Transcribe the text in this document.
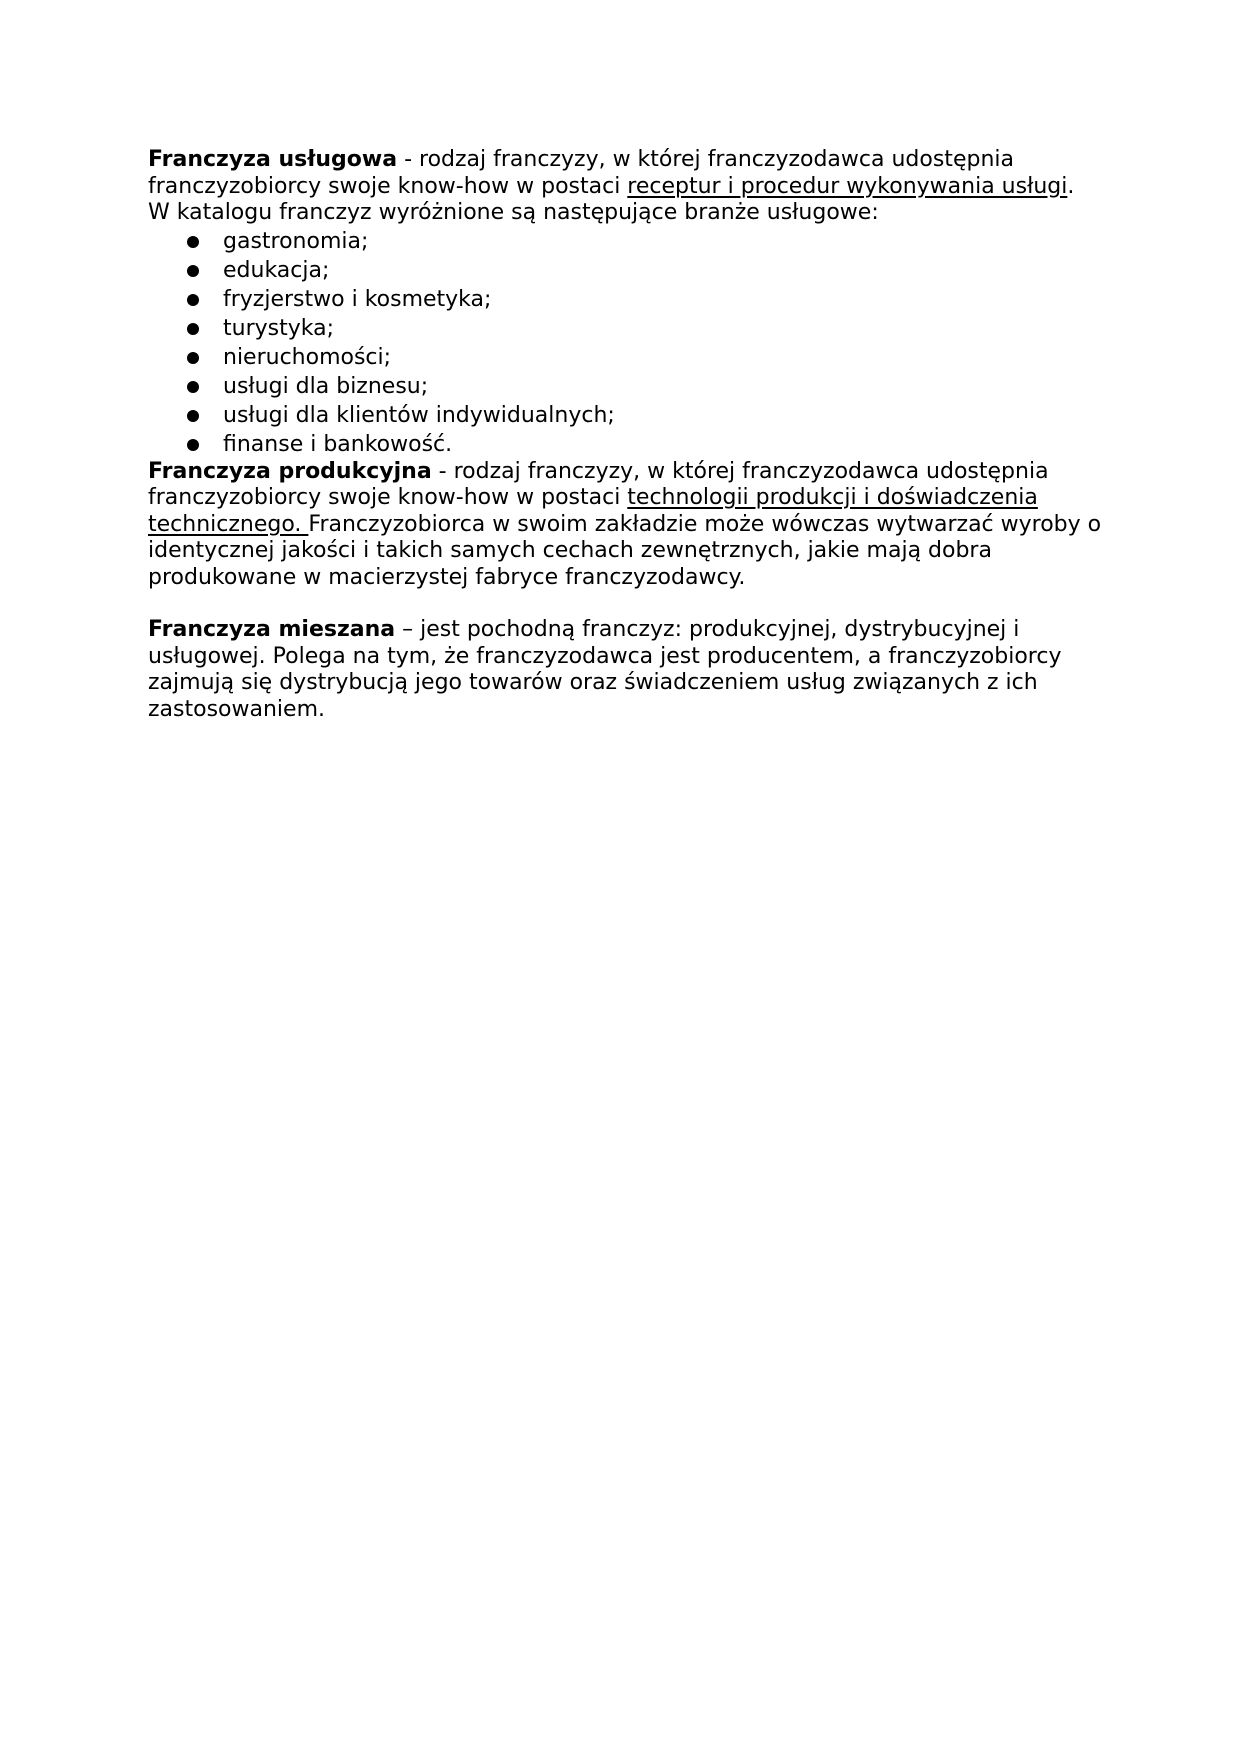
Franczyza usługowa - rodzaj franczyzy, w której franczyzodawca udostępnia franczyzobiorcy swoje know-how w postaci receptur i procedur wykonywania usługi.

W katalogu franczyz wyróżnione są następujące branże usługowe:

gastronomia;
edukacja;
fryzjerstwo i kosmetyka;
turystyka;
nieruchomości;
usługi dla biznesu;
usługi dla klientów indywidualnych;
finanse i bankowość.

Franczyza produkcyjna - rodzaj franczyzy, w której franczyzodawca udostępnia franczyzobiorcy swoje know-how w postaci technologii produkcji i doświadczenia technicznego. Franczyzobiorca w swoim zakładzie może wówczas wytwarzać wyroby o identycznej jakości i takich samych cechach zewnętrznych, jakie mają dobra produkowane w macierzystej fabryce franczyzodawcy.

Franczyza mieszana – jest pochodną franczyz: produkcyjnej, dystrybucyjnej i usługowej. Polega na tym, że franczyzodawca jest producentem, a franczyzobiorcy zajmują się dystrybucją jego towarów oraz świadczeniem usług związanych z ich zastosowaniem.
